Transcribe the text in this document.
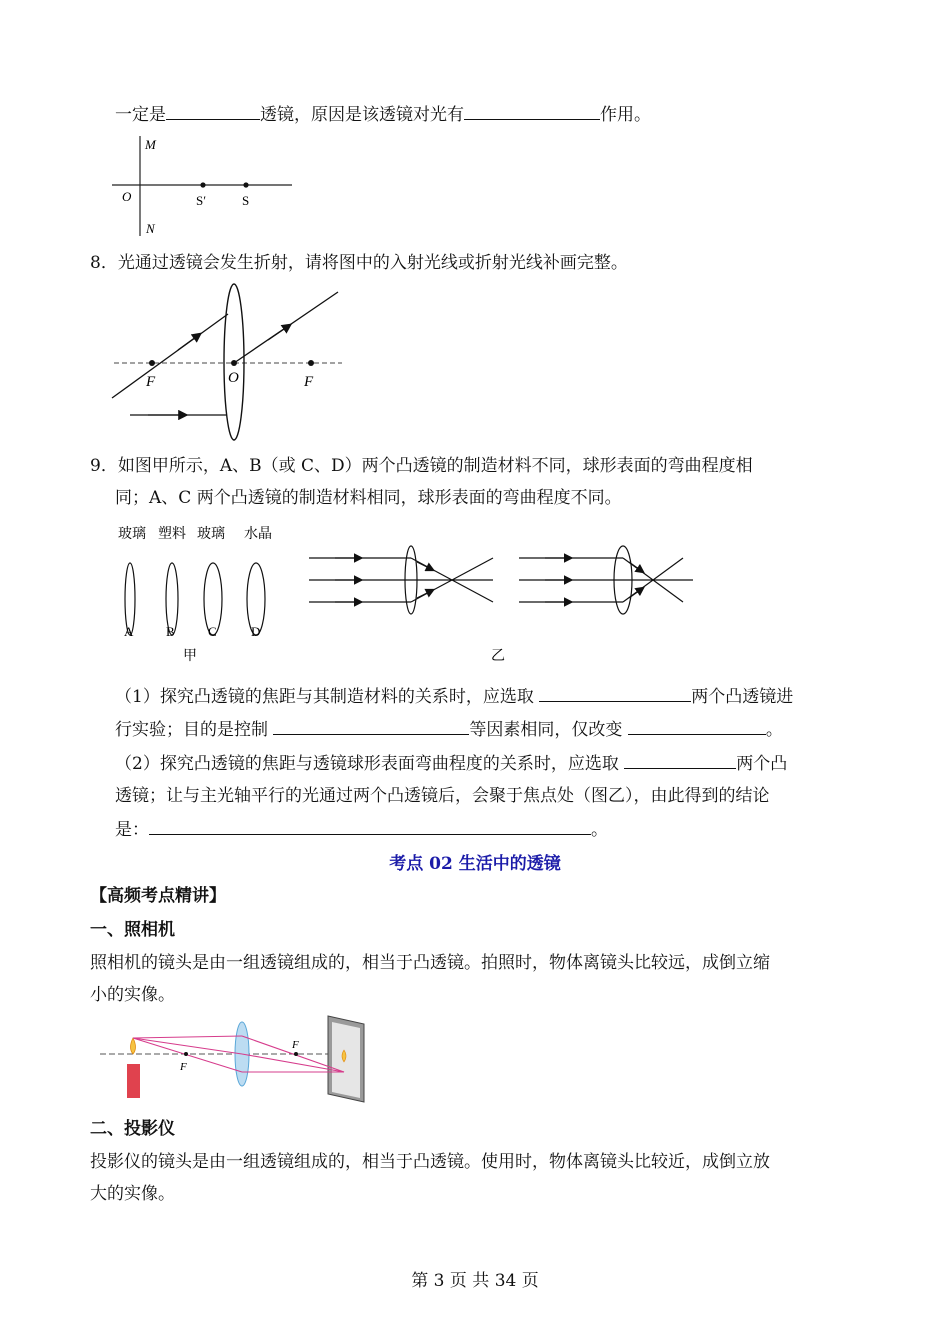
一定是	透镜，原因是该透镜对光有	作用。
M
O
N
S′	S
8．光通过透镜会发生折射，请将图中的入射光线或折射光线补画完整。
F	O	F
9．如图甲所示，A、B（或 C、D）两个凸透镜的制造材料不同，球形表面的弯曲程度相
同；A、C 两个凸透镜的制造材料相同，球形表面的弯曲程度不同。
玻璃 塑料 玻璃 水晶
A	B	C	D
甲	乙
（1）探究凸透镜的焦距与其制造材料的关系时，应选取	两个凸透镜进
行实验；目的是控制	等因素相同，仅改变	。
（2）探究凸透镜的焦距与透镜球形表面弯曲程度的关系时，应选取	两个凸
透镜；让与主光轴平行的光通过两个凸透镜后，会聚于焦点处（图乙），由此得到的结论
是：	。
考点 02 生活中的透镜
【高频考点精讲】
一、照相机
照相机的镜头是由一组透镜组成的，相当于凸透镜。拍照时，物体离镜头比较远，成倒立缩
小的实像。
F
F
二、投影仪
投影仪的镜头是由一组透镜组成的，相当于凸透镜。使用时，物体离镜头比较近，成倒立放
大的实像。
第 3 页 共 34 页
